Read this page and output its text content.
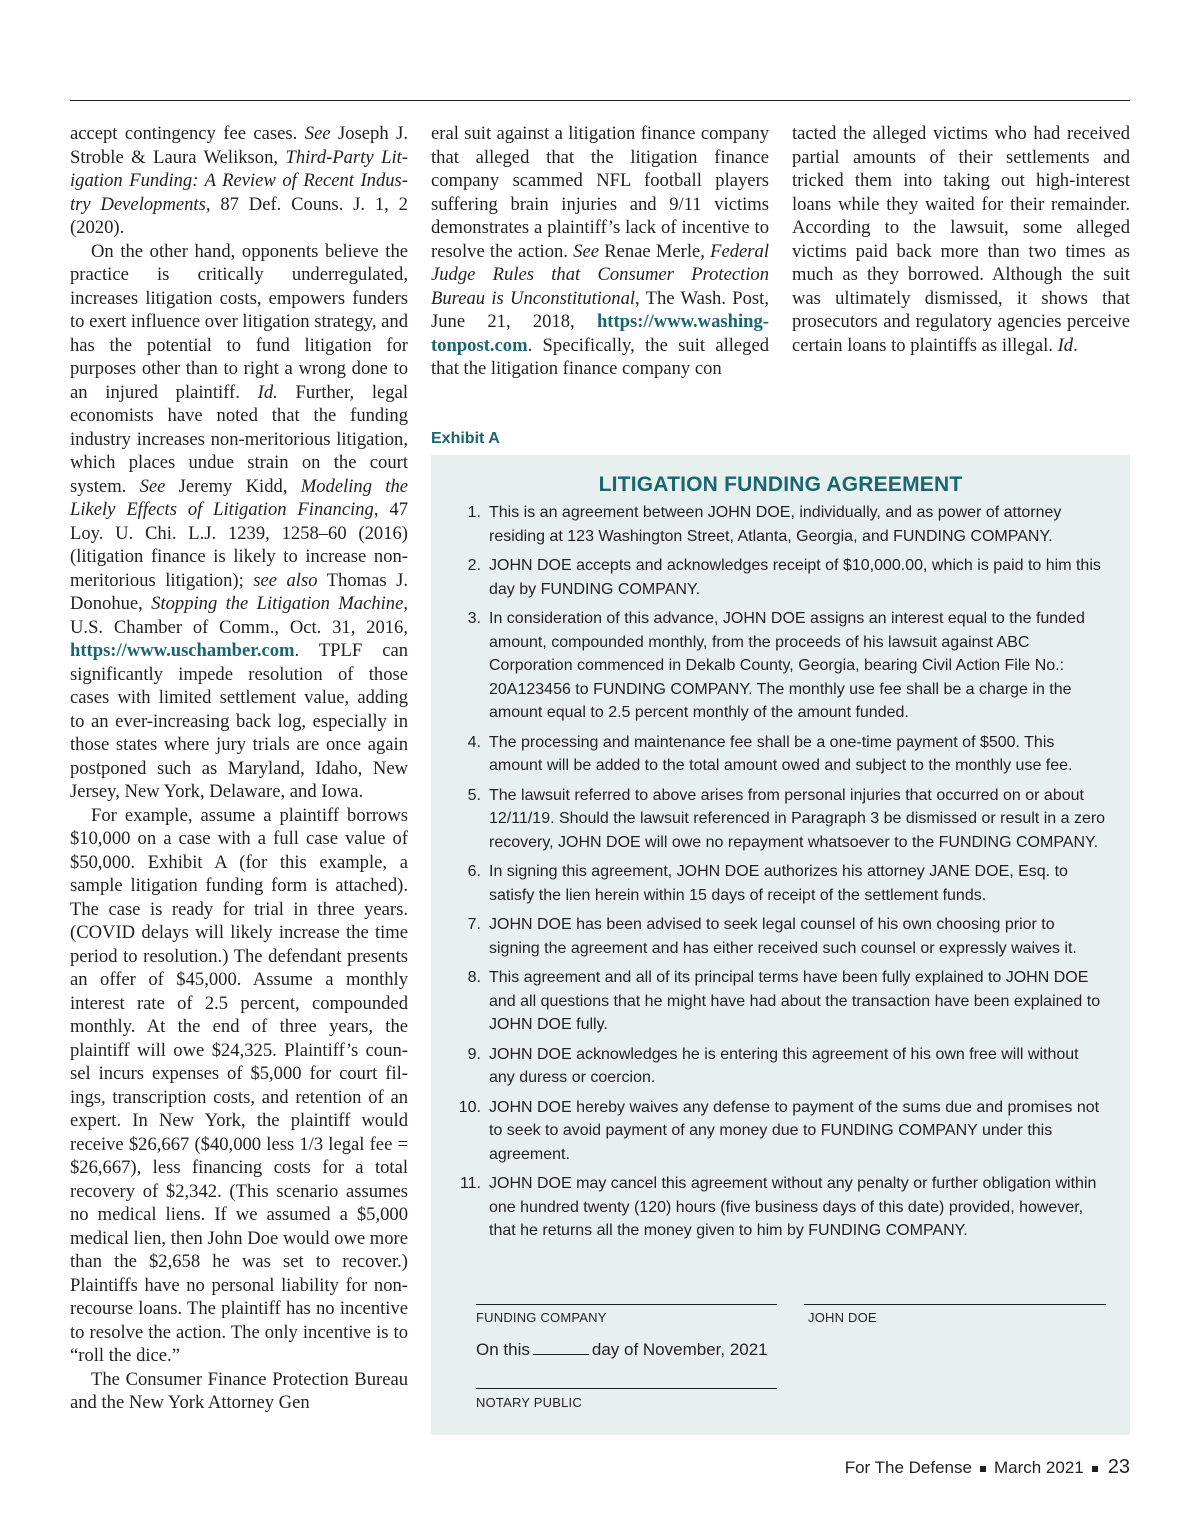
accept contingency fee cases. See Joseph J. Stroble & Laura Welikson, Third-Party Litigation Funding: A Review of Recent Industry Developments, 87 Def. Couns. J. 1, 2 (2020).

On the other hand, opponents believe the practice is critically underregulated, increases litigation costs, empowers funders to exert influence over litigation strategy, and has the potential to fund litigation for purposes other than to right a wrong done to an injured plaintiff. Id. Further, legal economists have noted that the funding industry increases non-meritorious litigation, which places undue strain on the court system. See Jeremy Kidd, Modeling the Likely Effects of Litigation Financing, 47 Loy. U. Chi. L.J. 1239, 1258–60 (2016) (litigation finance is likely to increase non-meritorious litigation); see also Thomas J. Donohue, Stopping the Litigation Machine, U.S. Chamber of Comm., Oct. 31, 2016, https://www.uschamber.com. TPLF can significantly impede resolution of those cases with limited settlement value, adding to an ever-increasing back log, especially in those states where jury trials are once again postponed such as Maryland, Idaho, New Jersey, New York, Delaware, and Iowa.

For example, assume a plaintiff borrows $10,000 on a case with a full case value of $50,000. Exhibit A (for this example, a sample litigation funding form is attached). The case is ready for trial in three years. (COVID delays will likely increase the time period to resolution.) The defendant presents an offer of $45,000. Assume a monthly interest rate of 2.5 percent, compounded monthly. At the end of three years, the plaintiff will owe $24,325. Plaintiff’s counsel incurs expenses of $5,000 for court filings, transcription costs, and retention of an expert. In New York, the plaintiff would receive $26,667 ($40,000 less 1/3 legal fee = $26,667), less financing costs for a total recovery of $2,342. (This scenario assumes no medical liens. If we assumed a $5,000 medical lien, then John Doe would owe more than the $2,658 he was set to recover.) Plaintiffs have no personal liability for non-recourse loans. The plaintiff has no incentive to resolve the action. The only incentive is to “roll the dice.”

The Consumer Finance Protection Bureau and the New York Attorney Gen

eral suit against a litigation finance company that alleged that the litigation finance company scammed NFL football players suffering brain injuries and 9/11 victims demonstrates a plaintiff’s lack of incentive to resolve the action. See Renae Merle, Federal Judge Rules that Consumer Protection Bureau is Unconstitutional, The Wash. Post, June 21, 2018, https://www.washingtonpost.com. Specifically, the suit alleged that the litigation finance company con

tacted the alleged victims who had received partial amounts of their settlements and tricked them into taking out high-interest loans while they waited for their remainder. According to the lawsuit, some alleged victims paid back more than two times as much as they borrowed. Although the suit was ultimately dismissed, it shows that prosecutors and regulatory agencies perceive certain loans to plaintiffs as illegal. Id.

Exhibit A
LITIGATION FUNDING AGREEMENT
1. This is an agreement between JOHN DOE, individually, and as power of attorney residing at 123 Washington Street, Atlanta, Georgia, and FUNDING COMPANY.
2. JOHN DOE accepts and acknowledges receipt of $10,000.00, which is paid to him this day by FUNDING COMPANY.
3. In consideration of this advance, JOHN DOE assigns an interest equal to the funded amount, compounded monthly, from the proceeds of his lawsuit against ABC Corporation commenced in Dekalb County, Georgia, bearing Civil Action File No.: 20A123456 to FUNDING COMPANY. The monthly use fee shall be a charge in the amount equal to 2.5 percent monthly of the amount funded.
4. The processing and maintenance fee shall be a one-time payment of $500. This amount will be added to the total amount owed and subject to the monthly use fee.
5. The lawsuit referred to above arises from personal injuries that occurred on or about 12/11/19. Should the lawsuit referenced in Paragraph 3 be dismissed or result in a zero recovery, JOHN DOE will owe no repayment whatsoever to the FUNDING COMPANY.
6. In signing this agreement, JOHN DOE authorizes his attorney JANE DOE, Esq. to satisfy the lien herein within 15 days of receipt of the settlement funds.
7. JOHN DOE has been advised to seek legal counsel of his own choosing prior to signing the agreement and has either received such counsel or expressly waives it.
8. This agreement and all of its principal terms have been fully explained to JOHN DOE and all questions that he might have had about the transaction have been explained to JOHN DOE fully.
9. JOHN DOE acknowledges he is entering this agreement of his own free will without any duress or coercion.
10. JOHN DOE hereby waives any defense to payment of the sums due and promises not to seek to avoid payment of any money due to FUNDING COMPANY under this agreement.
11. JOHN DOE may cancel this agreement without any penalty or further obligation within one hundred twenty (120) hours (five business days of this date) provided, however, that he returns all the money given to him by FUNDING COMPANY.
FUNDING COMPANY	JOHN DOE
On this	day of November, 2021
NOTARY PUBLIC
For The Defense March 2021 23
